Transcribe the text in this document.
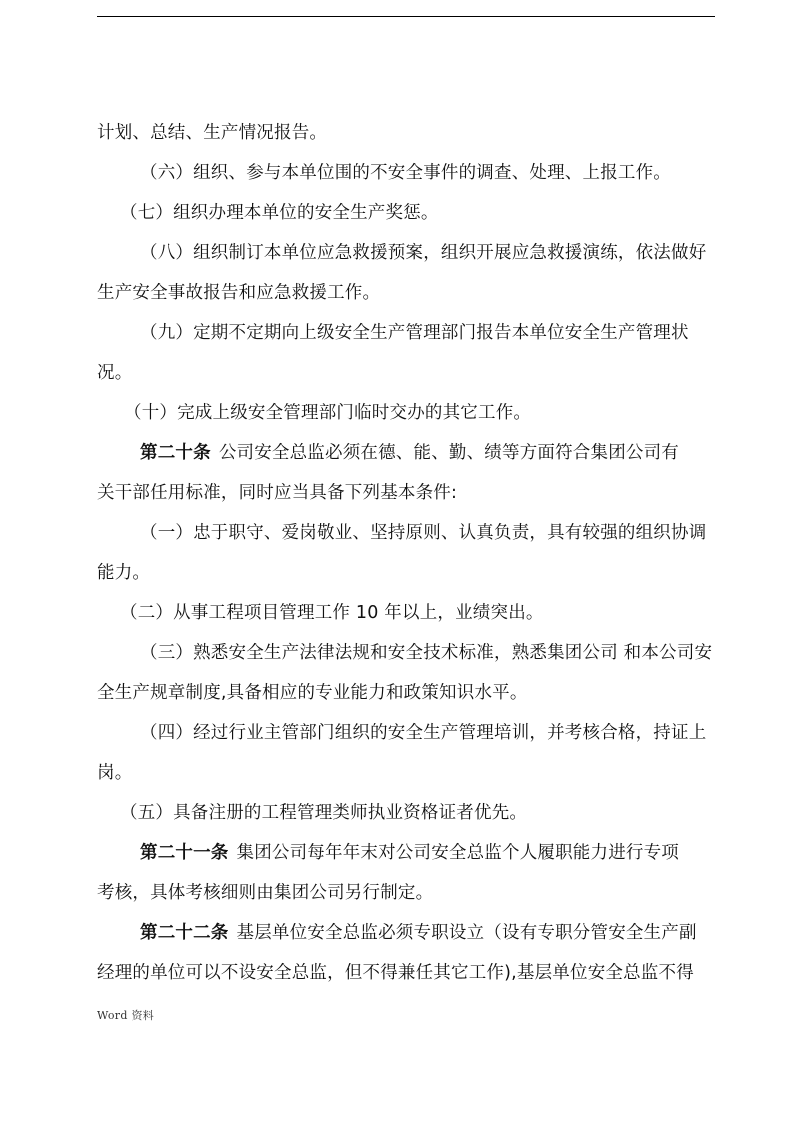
计划、总结、生产情况报告。
（六）组织、参与本单位围的不安全事件的调查、处理、上报工作。
（七）组织办理本单位的安全生产奖惩。
（八）组织制订本单位应急救援预案，组织开展应急救援演练，依法做好
生产安全事故报告和应急救援工作。
（九）定期不定期向上级安全生产管理部门报告本单位安全生产管理状
况。
（十）完成上级安全管理部门临时交办的其它工作。
第二十条 公司安全总监必须在德、能、勤、绩等方面符合集团公司有
关干部任用标准，同时应当具备下列基本条件:
（一）忠于职守、爱岗敬业、坚持原则、认真负责，具有较强的组织协调
能力。
（二）从事工程项目管理工作 10 年以上，业绩突出。
（三）熟悉安全生产法律法规和安全技术标准，熟悉集团公司 和本公司安
全生产规章制度,具备相应的专业能力和政策知识水平。
（四）经过行业主管部门组织的安全生产管理培训，并考核合格，持证上
岗。
（五）具备注册的工程管理类师执业资格证者优先。
第二十一条 集团公司每年年末对公司安全总监个人履职能力进行专项
考核，具体考核细则由集团公司另行制定。
第二十二条 基层单位安全总监必须专职设立（设有专职分管安全生产副
经理的单位可以不设安全总监，但不得兼任其它工作),基层单位安全总监不得
Word 资料
